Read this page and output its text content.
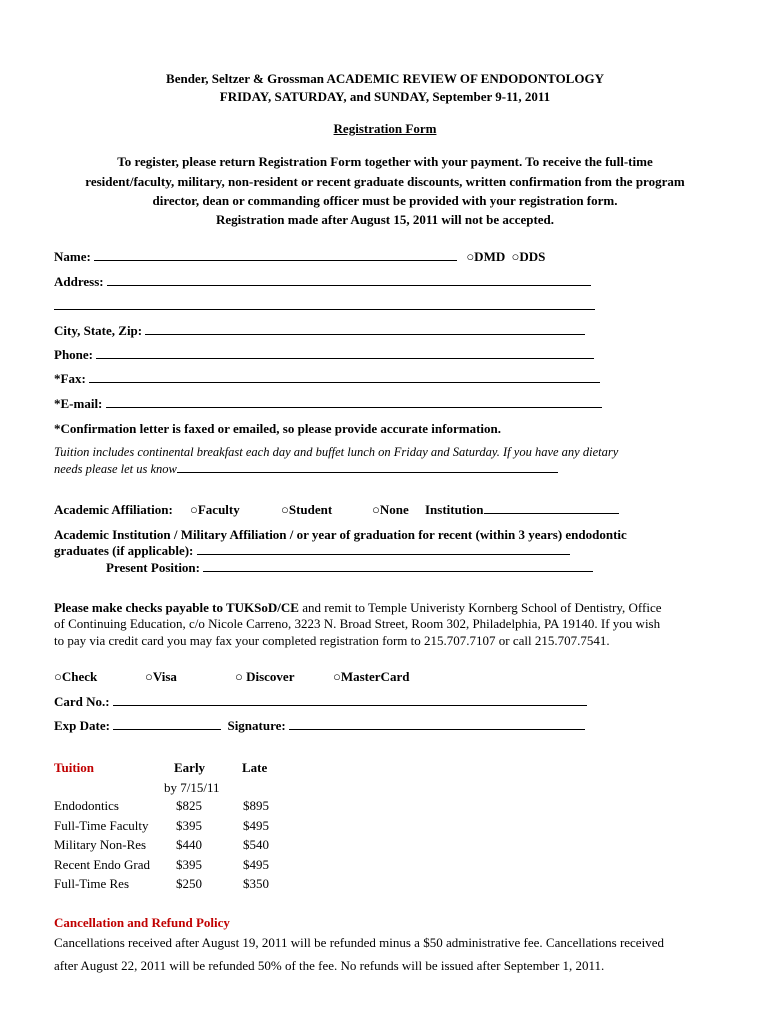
Bender, Seltzer & Grossman ACADEMIC REVIEW OF ENDODONTOLOGY
FRIDAY, SATURDAY, and SUNDAY, September 9-11, 2011
Registration Form
To register, please return Registration Form together with your payment. To receive the full-time
resident/faculty, military, non-resident or recent graduate discounts, written confirmation from the program
director, dean or commanding officer must be provided with your registration form.
Registration made after August 15, 2011 will not be accepted.
Name:	○DMD ○DDS
Address:
City, State, Zip:
Phone:
*Fax:
*E-mail:
*Confirmation letter is faxed or emailed, so please provide accurate information.
Tuition includes continental breakfast each day and buffet lunch on Friday and Saturday. If you have any dietary
needs please let us know
Academic Affiliation: ○Faculty	○Student	○None Institution
Academic Institution / Military Affiliation / or year of graduation for recent (within 3 years) endodontic
graduates (if applicable):
Present Position:
Please make checks payable to TUKSoD/CE and remit to Temple Univeristy Kornberg School of Dentistry, Office
of Continuing Education, c/o Nicole Carreno, 3223 N. Broad Street, Room 302, Philadelphia, PA 19140. If you wish
to pay via credit card you may fax your completed registration form to 215.707.7107 or call 215.707.7541.
○Check	○Visa	○ Discover	○MasterCard
Card No.:
Exp Date:	Signature:
Tuition	Early	Late
by 7/15/11
Endodontics	$825	$895
Full-Time Faculty $395	$495
Military Non-Res $440	$540
Recent Endo Grad $395	$495
Full-Time Res	$250	$350
Cancellation and Refund Policy
Cancellations received after August 19, 2011 will be refunded minus a $50 administrative fee. Cancellations received
after August 22, 2011 will be refunded 50% of the fee. No refunds will be issued after September 1, 2011.
